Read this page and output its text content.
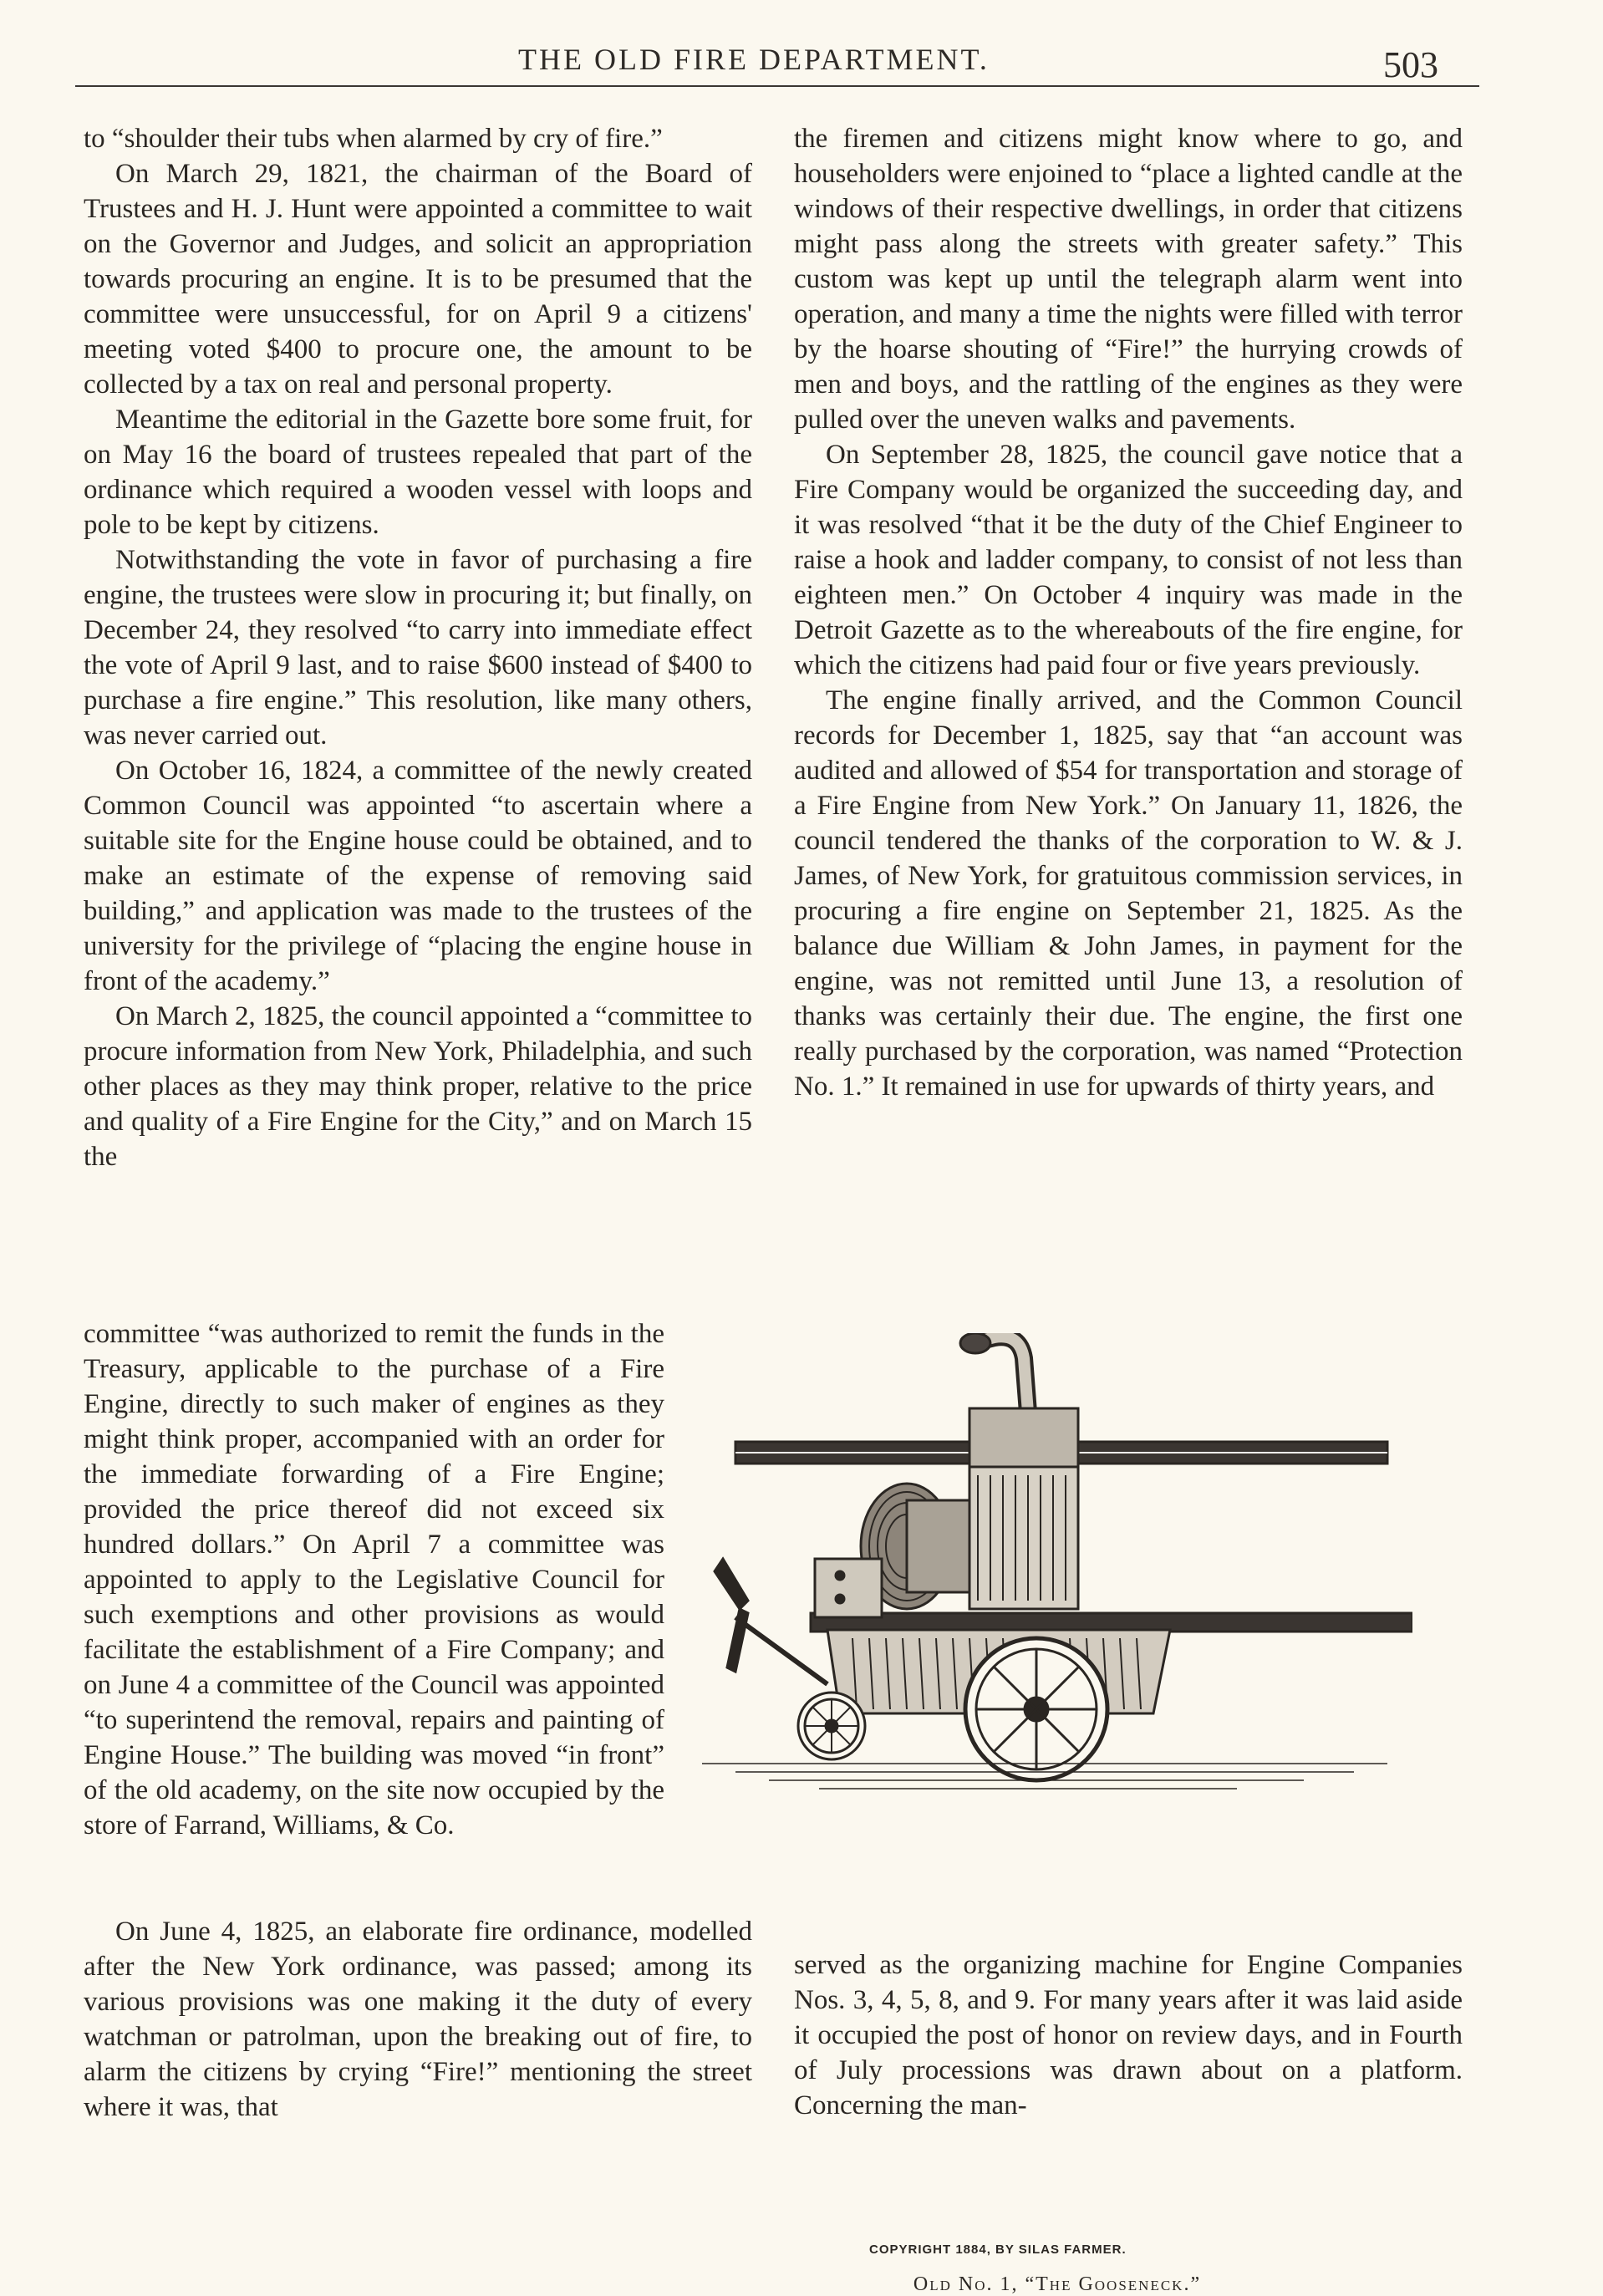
THE OLD FIRE DEPARTMENT.	503

to “shoulder their tubs when alarmed by cry of fire.”

On March 29, 1821, the chairman of the Board of Trustees and H. J. Hunt were appointed a committee to wait on the Governor and Judges, and solicit an appropriation towards procuring an engine. It is to be presumed that the committee were unsuccessful, for on April 9 a citizens' meeting voted $400 to procure one, the amount to be collected by a tax on real and personal property.

Meantime the editorial in the Gazette bore some fruit, for on May 16 the board of trustees repealed that part of the ordinance which required a wooden vessel with loops and pole to be kept by citizens.

Notwithstanding the vote in favor of purchasing a fire engine, the trustees were slow in procuring it; but finally, on December 24, they resolved “to carry into immediate effect the vote of April 9 last, and to raise $600 instead of $400 to purchase a fire engine.” This resolution, like many others, was never carried out.

On October 16, 1824, a committee of the newly created Common Council was appointed “to ascertain where a suitable site for the Engine house could be obtained, and to make an estimate of the expense of removing said building,” and application was made to the trustees of the university for the privilege of “placing the engine house in front of the academy.”

On March 2, 1825, the council appointed a “committee to procure information from New York, Philadelphia, and such other places as they may think proper, relative to the price and quality of a Fire Engine for the City,” and on March 15 the

committee “was authorized to remit the funds in the Treasury, applicable to the purchase of a Fire Engine, directly to such maker of engines as they might think proper, accompanied with an order for the immediate forwarding of a Fire Engine; provided the price thereof did not exceed six hundred dollars.” On April 7 a committee was appointed to apply to the Legislative Council for such exemptions and other provisions as would facilitate the establishment of a Fire Company; and on June 4 a committee of the Council was appointed “to superintend the removal, repairs and painting of Engine House.” The building was moved “in front” of the old academy, on the site now occupied by the store of Farrand, Williams, & Co.

On June 4, 1825, an elaborate fire ordinance, modelled after the New York ordinance, was passed; among its various provisions was one making it the duty of every watchman or patrolman, upon the breaking out of fire, to alarm the citizens by crying “Fire!” mentioning the street where it was, that

the firemen and citizens might know where to go, and householders were enjoined to “place a lighted candle at the windows of their respective dwellings, in order that citizens might pass along the streets with greater safety.” This custom was kept up until the telegraph alarm went into operation, and many a time the nights were filled with terror by the hoarse shouting of “Fire!” the hurrying crowds of men and boys, and the rattling of the engines as they were pulled over the uneven walks and pavements.

On September 28, 1825, the council gave notice that a Fire Company would be organized the succeeding day, and it was resolved “that it be the duty of the Chief Engineer to raise a hook and ladder company, to consist of not less than eighteen men.” On October 4 inquiry was made in the Detroit Gazette as to the whereabouts of the fire engine, for which the citizens had paid four or five years previously.

The engine finally arrived, and the Common Council records for December 1, 1825, say that “an account was audited and allowed of $54 for transportation and storage of a Fire Engine from New York.” On January 11, 1826, the council tendered the thanks of the corporation to W. & J. James, of New York, for gratuitous commission services, in procuring a fire engine on September 21, 1825. As the balance due William & John James, in payment for the engine, was not remitted until June 13, a resolution of thanks was certainly their due. The engine, the first one really purchased by the corporation, was named “Protection No. 1.” It remained in use for upwards of thirty years, and

COPYRIGHT 1884, BY SILAS FARMER.
Old No. 1, “The Gooseneck.”

served as the organizing machine for Engine Companies Nos. 3, 4, 5, 8, and 9. For many years after it was laid aside it occupied the post of honor on review days, and in Fourth of July processions was drawn about on a platform. Concerning the man-
